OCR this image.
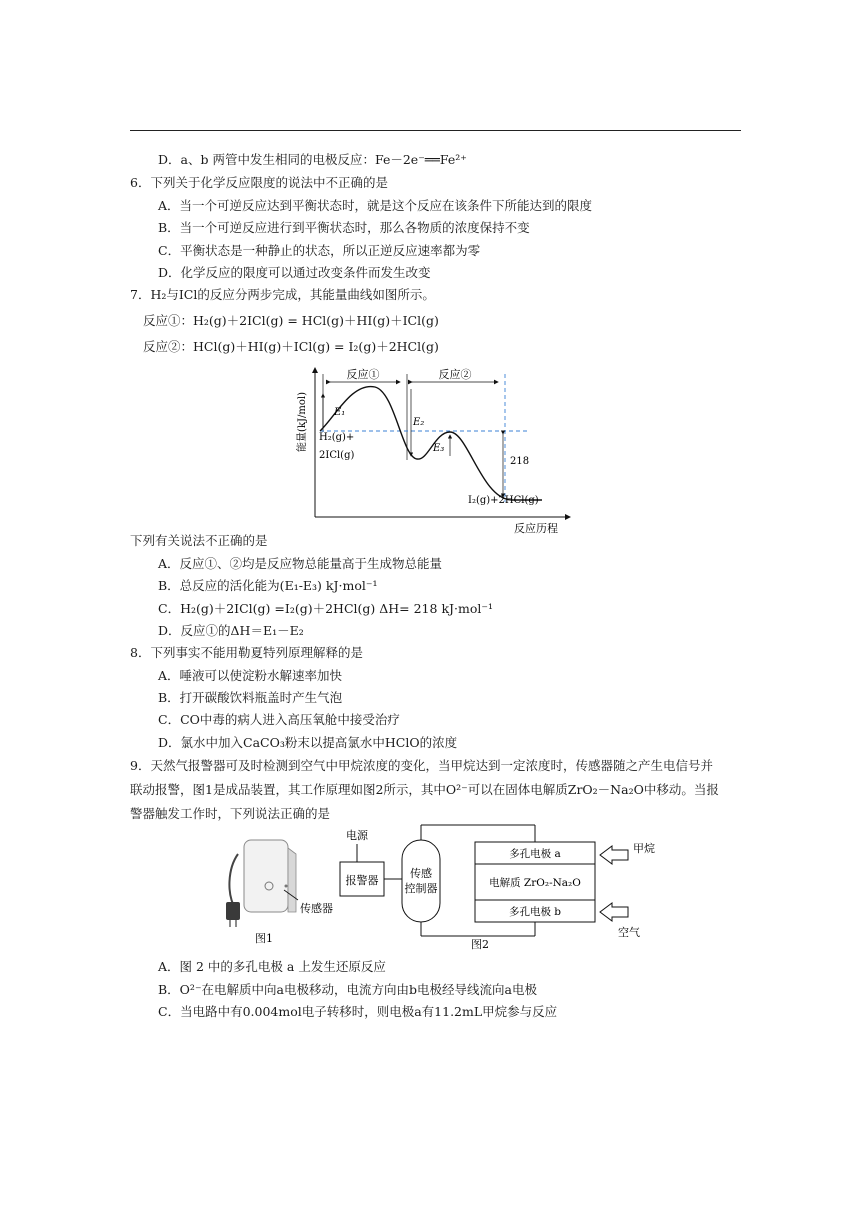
D．a、b 两管中发生相同的电极反应：Fe－2e⁻══Fe²⁺
6．下列关于化学反应限度的说法中不正确的是
A．当一个可逆反应达到平衡状态时，就是这个反应在该条件下所能达到的限度
B．当一个可逆反应进行到平衡状态时，那么各物质的浓度保持不变
C．平衡状态是一种静止的状态，所以正逆反应速率都为零
D．化学反应的限度可以通过改变条件而发生改变
7．H₂与ICl的反应分两步完成，其能量曲线如图所示。
反应①：H₂(g)＋2ICl(g) = HCl(g)＋HI(g)＋ICl(g)
反应②：HCl(g)＋HI(g)＋ICl(g) = I₂(g)＋2HCl(g)
能量(kJ/mol)
反应历程
反应①	反应②
E₁
E₂
E₃
218
H₂(g)+
2ICl(g)
I₂(g)+2HCl(g)
下列有关说法不正确的是
A．反应①、②均是反应物总能量高于生成物总能量
B．总反应的活化能为(E₁-E₃) kJ·mol⁻¹
C．H₂(g)＋2ICl(g) =I₂(g)＋2HCl(g) ΔH= 218 kJ·mol⁻¹
D．反应①的ΔH＝E₁－E₂
8．下列事实不能用勒夏特列原理解释的是
A．唾液可以使淀粉水解速率加快
B．打开碳酸饮料瓶盖时产生气泡
C．CO中毒的病人进入高压氧舱中接受治疗
D．氯水中加入CaCO₃粉末以提高氯水中HClO的浓度
9．天然气报警器可及时检测到空气中甲烷浓度的变化，当甲烷达到一定浓度时，传感器随之产生电信号并
联动报警，图1是成品装置，其工作原理如图2所示，其中O²⁻可以在固体电解质ZrO₂－Na₂O中移动。当报
警器触发工作时，下列说法正确的是
传感器
图1
电源
报警器
传感
控制器
多孔电极 a
电解质 ZrO₂-Na₂O
多孔电极 b
甲烷
空气
图2
A．图 2 中的多孔电极 a 上发生还原反应
B．O²⁻在电解质中向a电极移动，电流方向由b电极经导线流向a电极
C．当电路中有0.004mol电子转移时，则电极a有11.2mL甲烷参与反应
